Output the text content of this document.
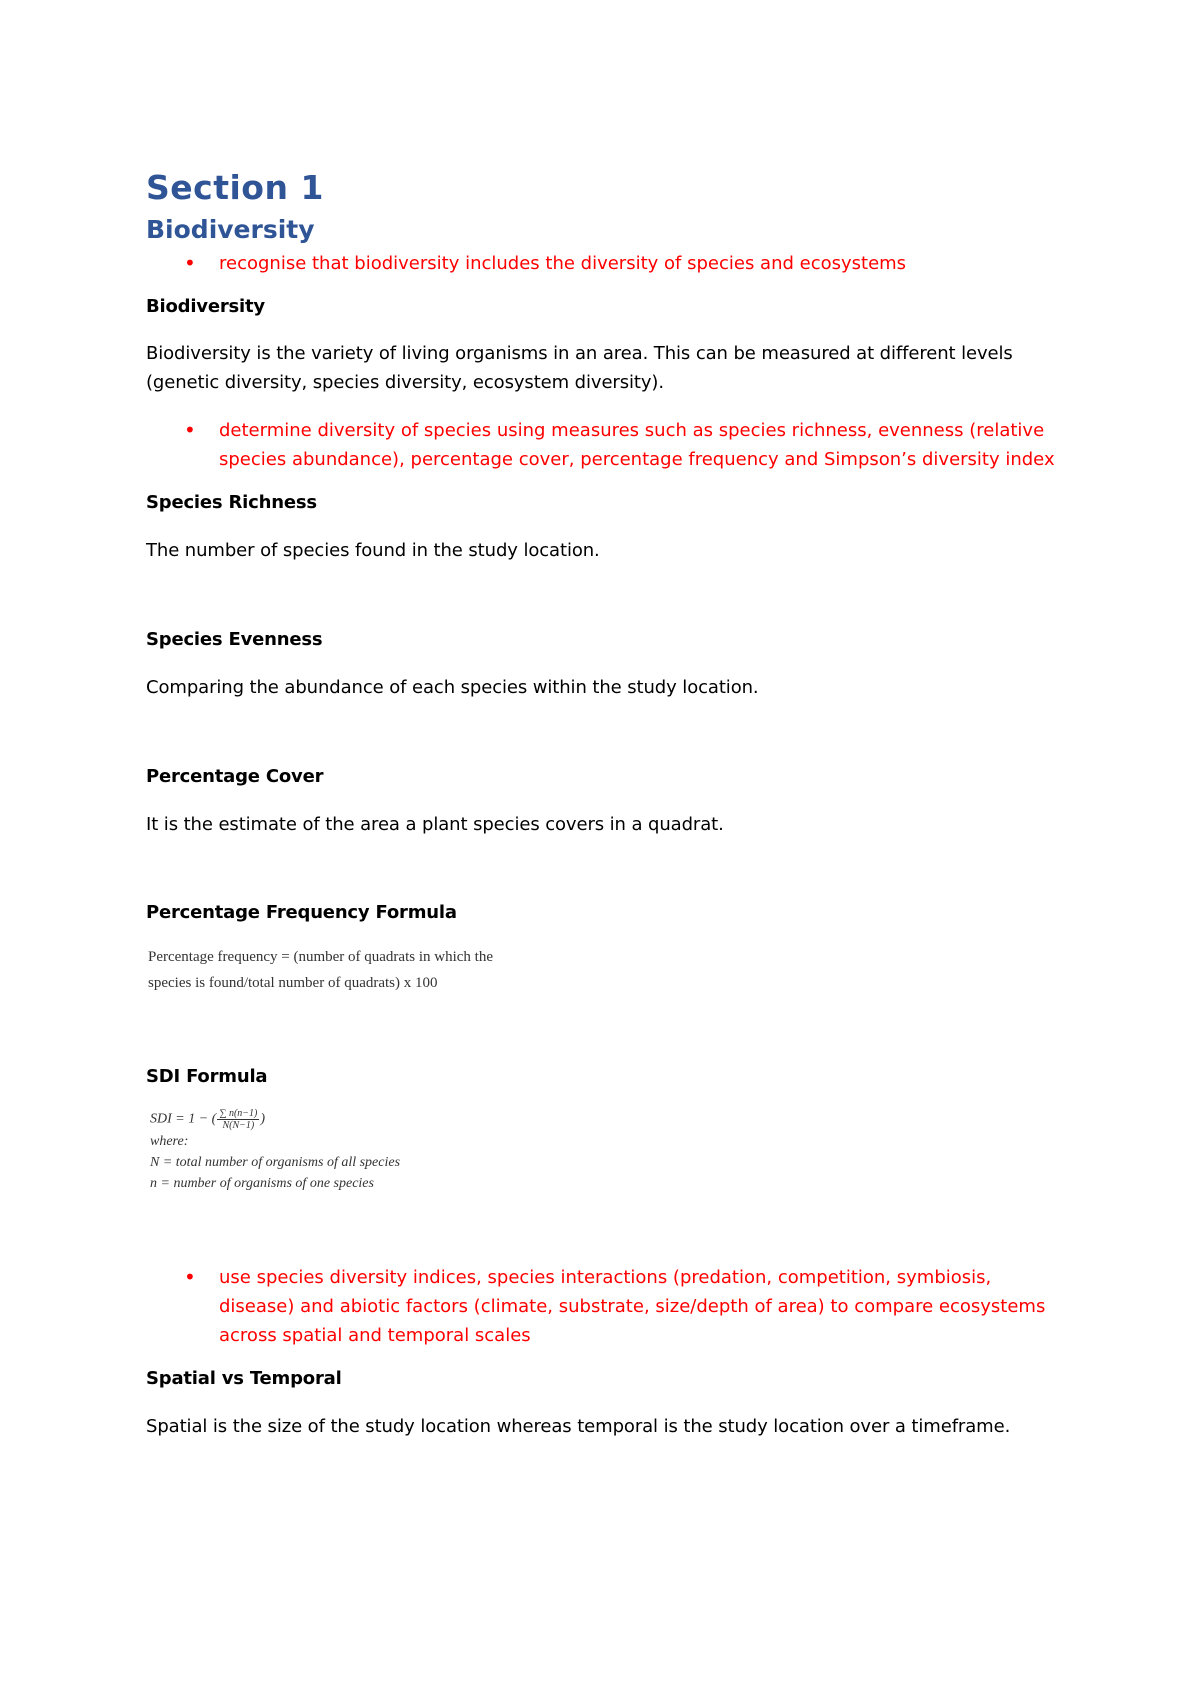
Section 1
Biodiversity
• recognise that biodiversity includes the diversity of species and ecosystems
Biodiversity

Biodiversity is the variety of living organisms in an area. This can be measured at different levels (genetic diversity, species diversity, ecosystem diversity).

• determine diversity of species using measures such as species richness, evenness (relative species abundance), percentage cover, percentage frequency and Simpson’s diversity index
Species Richness

The number of species found in the study location.

Species Evenness

Comparing the abundance of each species within the study location.

Percentage Cover

It is the estimate of the area a plant species covers in a quadrat.

Percentage Frequency Formula
Percentage frequency = (number of quadrats in which the
species is found/total number of quadrats) x 100
SDI Formula
SDI = 1 − ( $\frac{\sum n(n-1)}{N(N-1)}$ )
where:
N = total number of organisms of all species
n = number of organisms of one species
• use species diversity indices, species interactions (predation, competition, symbiosis, disease) and abiotic factors (climate, substrate, size/depth of area) to compare ecosystems across spatial and temporal scales
Spatial vs Temporal

Spatial is the size of the study location whereas temporal is the study location over a timeframe.
